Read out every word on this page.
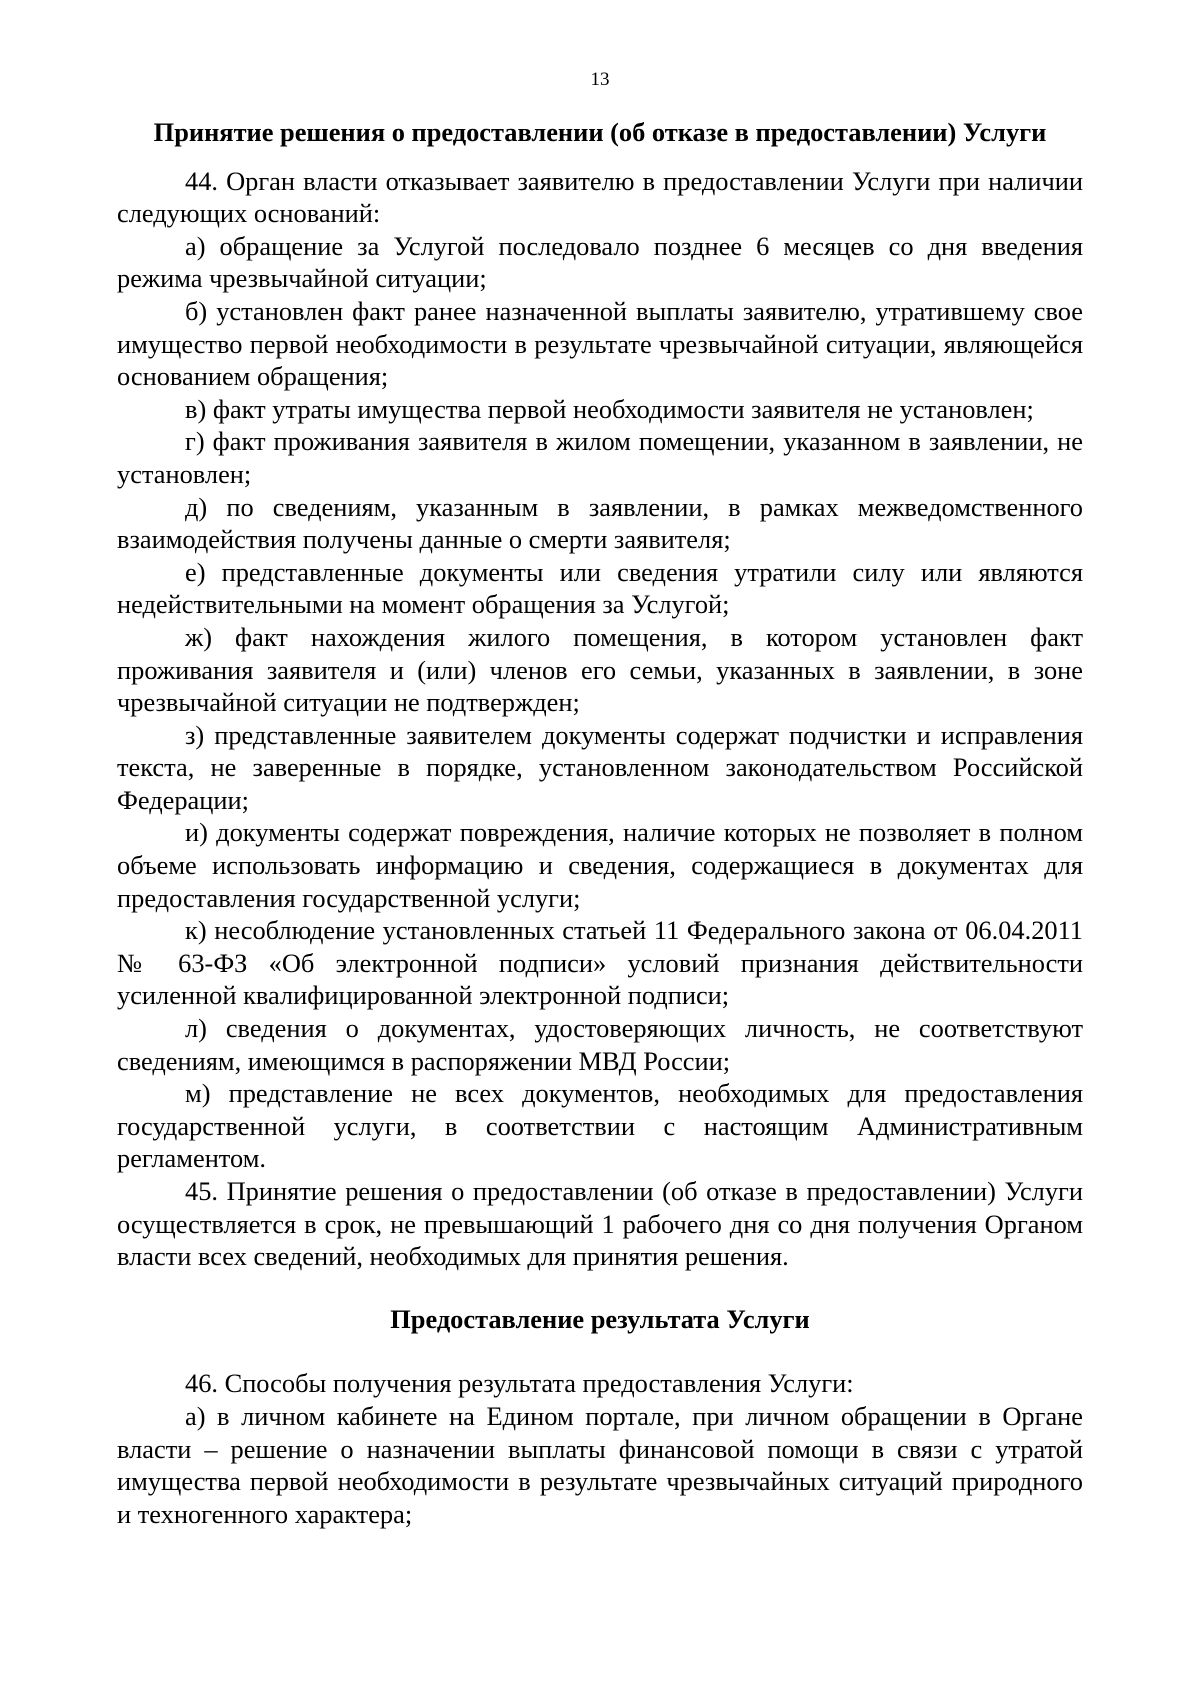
13
Принятие решения о предоставлении (об отказе в предоставлении) Услуги

44. Орган власти отказывает заявителю в предоставлении Услуги при наличии следующих оснований:

а) обращение за Услугой последовало позднее 6 месяцев со дня введения режима чрезвычайной ситуации;

б) установлен факт ранее назначенной выплаты заявителю, утратившему свое имущество первой необходимости в результате чрезвычайной ситуации, являющейся основанием обращения;

в) факт утраты имущества первой необходимости заявителя не установлен;

г) факт проживания заявителя в жилом помещении, указанном в заявлении, не установлен;

д) по сведениям, указанным в заявлении, в рамках межведомственного взаимодействия получены данные о смерти заявителя;

е) представленные документы или сведения утратили силу или являются недействительными на момент обращения за Услугой;

ж) факт нахождения жилого помещения, в котором установлен факт проживания заявителя и (или) членов его семьи, указанных в заявлении, в зоне чрезвычайной ситуации не подтвержден;

з) представленные заявителем документы содержат подчистки и исправления текста, не заверенные в порядке, установленном законодательством Российской Федерации;

и) документы содержат повреждения, наличие которых не позволяет в полном объеме использовать информацию и сведения, содержащиеся в документах для предоставления государственной услуги;

к) несоблюдение установленных статьей 11 Федерального закона от 06.04.2011 № 63-ФЗ «Об электронной подписи» условий признания действительности усиленной квалифицированной электронной подписи;

л) сведения о документах, удостоверяющих личность, не соответствуют сведениям, имеющимся в распоряжении МВД России;

м) представление не всех документов, необходимых для предоставления государственной услуги, в соответствии с настоящим Административным регламентом.

45. Принятие решения о предоставлении (об отказе в предоставлении) Услуги осуществляется в срок, не превышающий 1 рабочего дня со дня получения Органом власти всех сведений, необходимых для принятия решения.

Предоставление результата Услуги

46. Способы получения результата предоставления Услуги:

а) в личном кабинете на Едином портале, при личном обращении в Органе власти – решение о назначении выплаты финансовой помощи в связи с утратой имущества первой необходимости в результате чрезвычайных ситуаций природного и техногенного характера;
